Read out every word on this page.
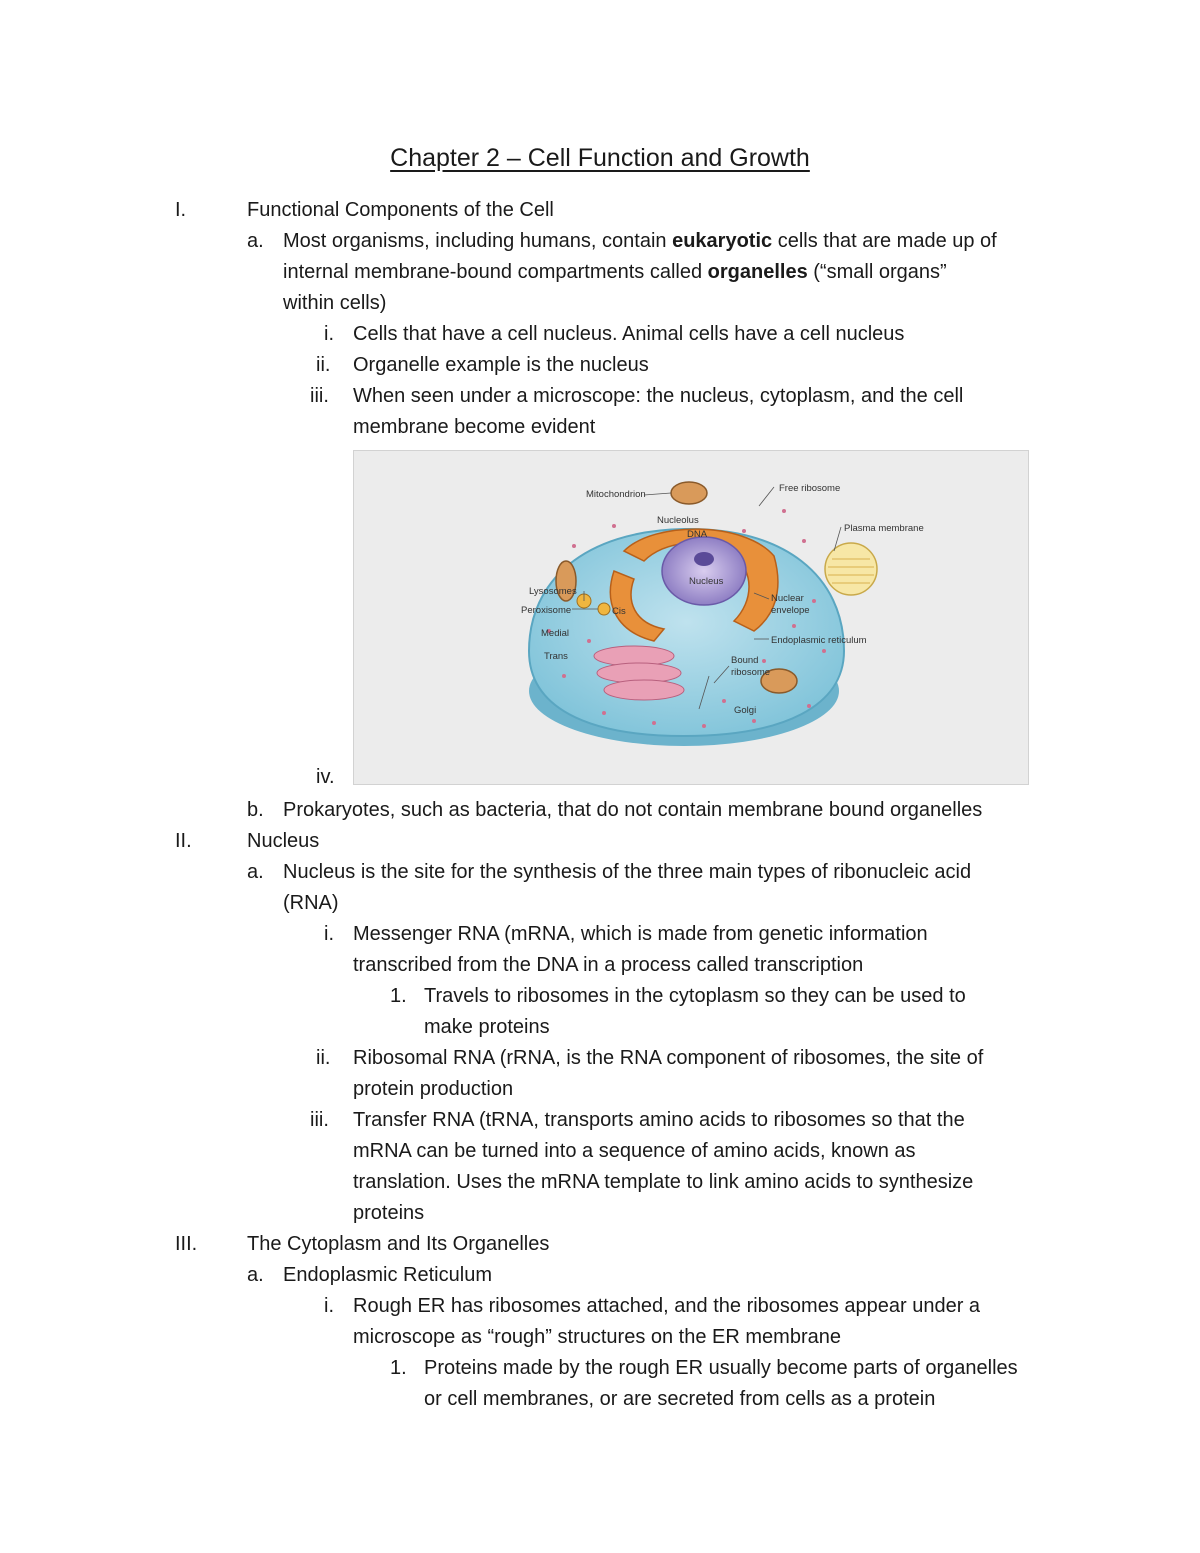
Chapter 2 – Cell Function and Growth
I.	Functional Components of the Cell
a. Most organisms, including humans, contain eukaryotic cells that are made up of
internal membrane-bound compartments called organelles (“small organs”
within cells)
i. Cells that have a cell nucleus. Animal cells have a cell nucleus
ii. Organelle example is the nucleus
iii. When seen under a microscope: the nucleus, cytoplasm, and the cell
membrane become evident
Mitochondrion
Free ribosome
Nucleolus
DNA
Plasma membrane
Nucleus
Lysosomes
Peroxisome	Cis
Medial
Trans
Nuclear
envelope
Endoplasmic reticulum
Bound
ribosome
Golgi
iv.
b. Prokaryotes, such as bacteria, that do not contain membrane bound organelles
II.	Nucleus
a. Nucleus is the site for the synthesis of the three main types of ribonucleic acid
(RNA)
i. Messenger RNA (mRNA, which is made from genetic information
transcribed from the DNA in a process called transcription
1. Travels to ribosomes in the cytoplasm so they can be used to
make proteins
ii. Ribosomal RNA (rRNA, is the RNA component of ribosomes, the site of
protein production
iii. Transfer RNA (tRNA, transports amino acids to ribosomes so that the
mRNA can be turned into a sequence of amino acids, known as
translation. Uses the mRNA template to link amino acids to synthesize
proteins
III. The Cytoplasm and Its Organelles
a. Endoplasmic Reticulum
i. Rough ER has ribosomes attached, and the ribosomes appear under a
microscope as “rough” structures on the ER membrane
1. Proteins made by the rough ER usually become parts of organelles
or cell membranes, or are secreted from cells as a protein
